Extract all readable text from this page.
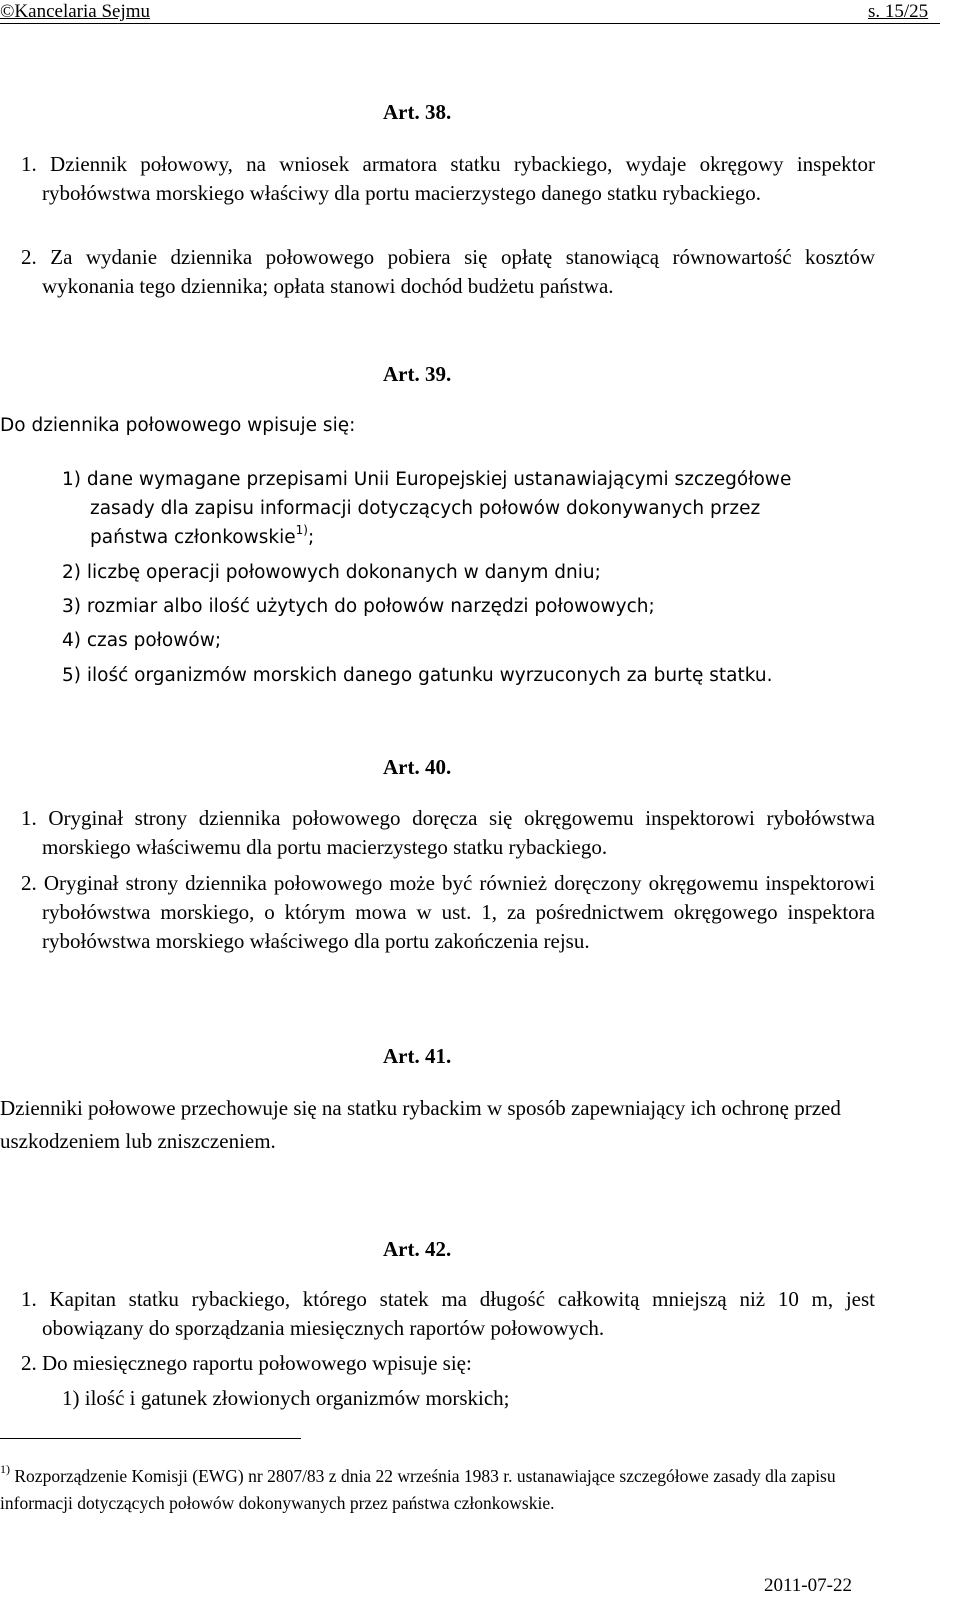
©Kancelaria Sejmu	s. 15/25
Art. 38.
1. Dziennik połowowy, na wniosek armatora statku rybackiego, wydaje okręgowy inspektor rybołówstwa morskiego właściwy dla portu macierzystego danego statku rybackiego.
2. Za wydanie dziennika połowowego pobiera się opłatę stanowiącą równowartość kosztów wykonania tego dziennika; opłata stanowi dochód budżetu państwa.
Art. 39.
Do dziennika połowowego wpisuje się:
1) dane wymagane przepisami Unii Europejskiej ustanawiającymi szczegółowe
zasady dla zapisu informacji dotyczących połowów dokonywanych przez
państwa członkowskie$^{1)}$;
2) liczbę operacji połowowych dokonanych w danym dniu;
3) rozmiar albo ilość użytych do połowów narzędzi połowowych;
4) czas połowów;
5) ilość organizmów morskich danego gatunku wyrzuconych za burtę statku.
Art. 40.
1. Oryginał strony dziennika połowowego doręcza się okręgowemu inspektorowi rybołówstwa morskiego właściwemu dla portu macierzystego statku rybackiego.
2. Oryginał strony dziennika połowowego może być również doręczony okręgowemu inspektorowi rybołówstwa morskiego, o którym mowa w ust. 1, za pośrednictwem okręgowego inspektora rybołówstwa morskiego właściwego dla portu zakończenia rejsu.
Art. 41.
Dzienniki połowowe przechowuje się na statku rybackim w sposób zapewniający ich ochronę przed uszkodzeniem lub zniszczeniem.
Art. 42.
1. Kapitan statku rybackiego, którego statek ma długość całkowitą mniejszą niż 10 m, jest obowiązany do sporządzania miesięcznych raportów połowowych.
2. Do miesięcznego raportu połowowego wpisuje się:
1) ilość i gatunek złowionych organizmów morskich;
$^{1)}$ Rozporządzenie Komisji (EWG) nr 2807/83 z dnia 22 września 1983 r. ustanawiające szczegółowe zasady dla zapisu informacji dotyczących połowów dokonywanych przez państwa członkowskie.
2011-07-22
